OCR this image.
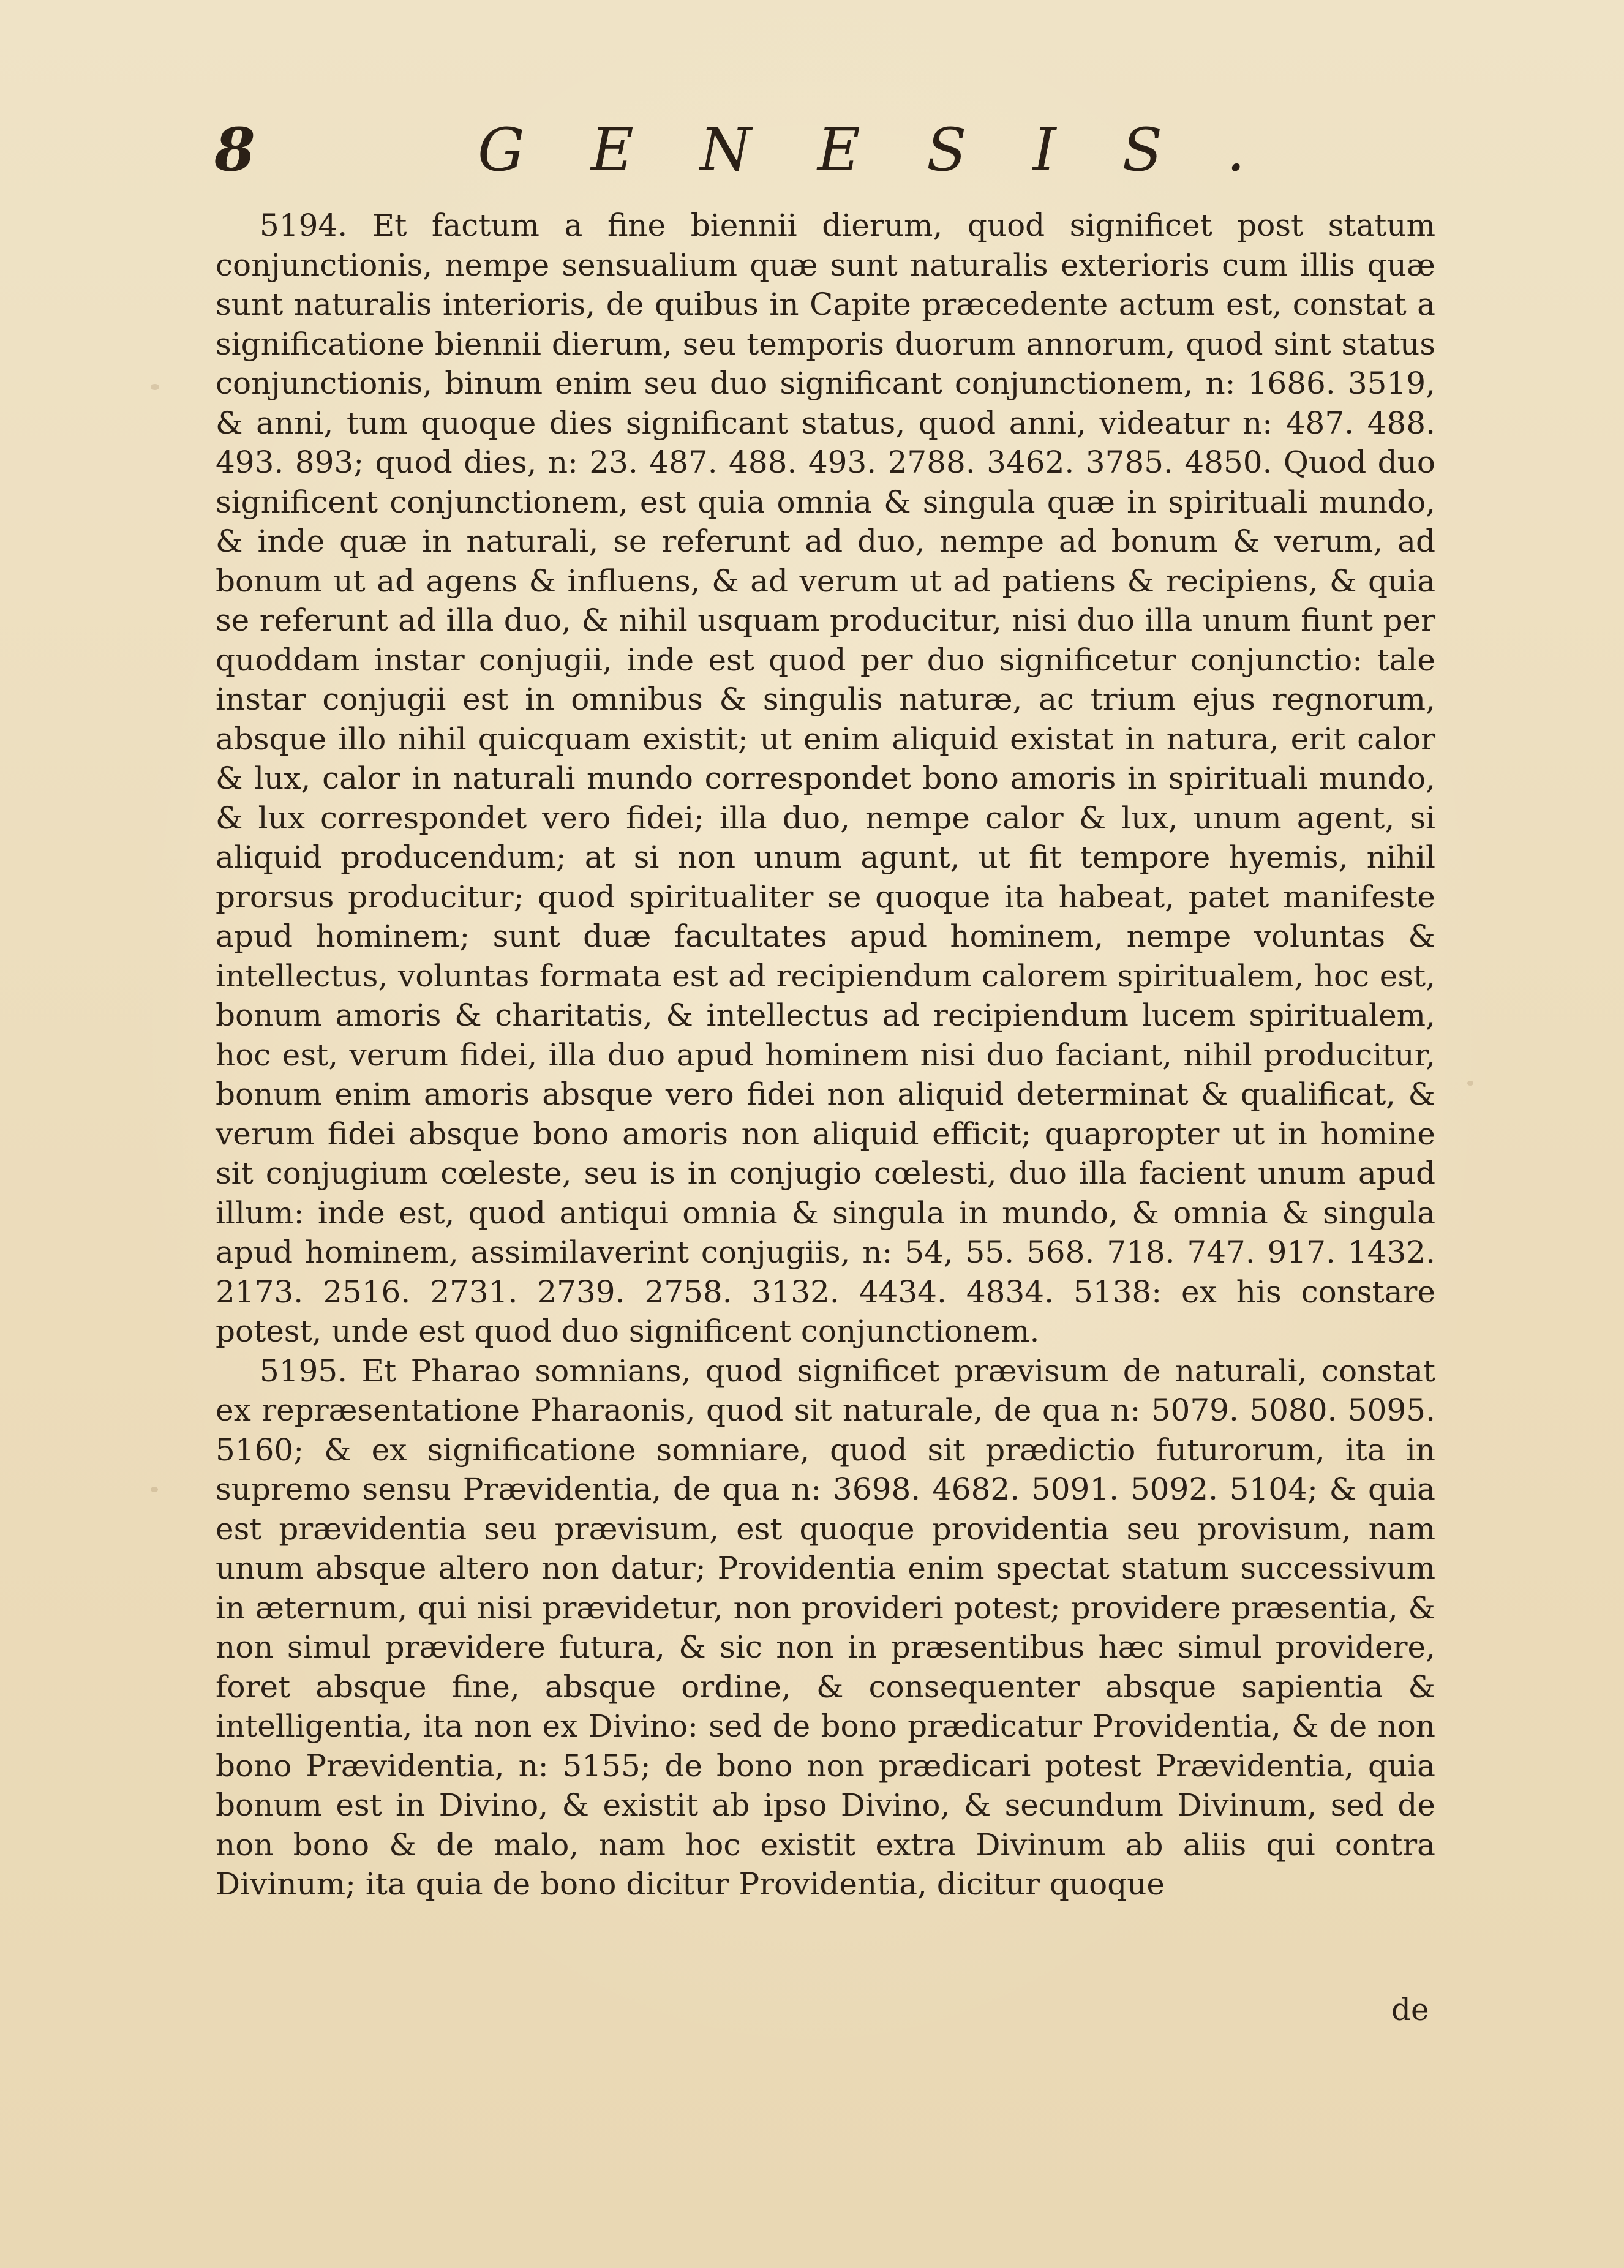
8	GENESIS.

5194. Et factum a fine biennii dierum, quod significet post statum conjunctionis, nempe sensualium quæ sunt naturalis exterioris cum illis quæ sunt naturalis interioris, de quibus in Capite præcedente actum est, constat a significatione biennii dierum, seu temporis duorum annorum, quod sint status conjunctionis, binum enim seu duo significant conjunctionem, n: 1686. 3519, & anni, tum quoque dies significant status, quod anni, videatur n: 487. 488. 493. 893; quod dies, n: 23. 487. 488. 493. 2788. 3462. 3785. 4850. Quod duo significent conjunctionem, est quia omnia & singula quæ in spirituali mundo, & inde quæ in naturali, se referunt ad duo, nempe ad bonum & verum, ad bonum ut ad agens & influens, & ad verum ut ad patiens & recipiens, & quia se referunt ad illa duo, & nihil usquam producitur, nisi duo illa unum fiunt per quoddam instar conjugii, inde est quod per duo significetur conjunctio: tale instar conjugii est in omnibus & singulis naturæ, ac trium ejus regnorum, absque illo nihil quicquam existit; ut enim aliquid existat in natura, erit calor & lux, calor in naturali mundo correspondet bono amoris in spirituali mundo, & lux correspondet vero fidei; illa duo, nempe calor & lux, unum agent, si aliquid producendum; at si non unum agunt, ut fit tempore hyemis, nihil prorsus producitur; quod spiritualiter se quoque ita habeat, patet manifeste apud hominem; sunt duæ facultates apud hominem, nempe voluntas & intellectus, voluntas formata est ad recipiendum calorem spiritualem, hoc est, bonum amoris & charitatis, & intellectus ad recipiendum lucem spiritualem, hoc est, verum fidei, illa duo apud hominem nisi duo faciant, nihil producitur, bonum enim amoris absque vero fidei non aliquid determinat & qualificat, & verum fidei absque bono amoris non aliquid efficit; quapropter ut in homine sit conjugium cœleste, seu is in conjugio cœlesti, duo illa facient unum apud illum: inde est, quod antiqui omnia & singula in mundo, & omnia & singula apud hominem, assimilaverint conjugiis, n: 54, 55. 568. 718. 747. 917. 1432. 2173. 2516. 2731. 2739. 2758. 3132. 4434. 4834. 5138: ex his constare potest, unde est quod duo significent conjunctionem.

5195. Et Pharao somnians, quod significet prævisum de naturali, constat ex repræsentatione Pharaonis, quod sit naturale, de qua n: 5079. 5080. 5095. 5160; & ex significatione somniare, quod sit prædictio futurorum, ita in supremo sensu Prævidentia, de qua n: 3698. 4682. 5091. 5092. 5104; & quia est prævidentia seu prævisum, est quoque providentia seu provisum, nam unum absque altero non datur; Providentia enim spectat statum successivum in æternum, qui nisi prævidetur, non provideri potest; providere præsentia, & non simul prævidere futura, & sic non in præsentibus hæc simul providere, foret absque fine, absque ordine, & consequenter absque sapientia & intelligentia, ita non ex Divino: sed de bono prædicatur Providentia, & de non bono Prævidentia, n: 5155; de bono non prædicari potest Prævidentia, quia bonum est in Divino, & existit ab ipso Divino, & secundum Divinum, sed de non bono & de malo, nam hoc existit extra Divinum ab aliis qui contra Divinum; ita quia de bono dicitur Providentia, dicitur quoque

de
